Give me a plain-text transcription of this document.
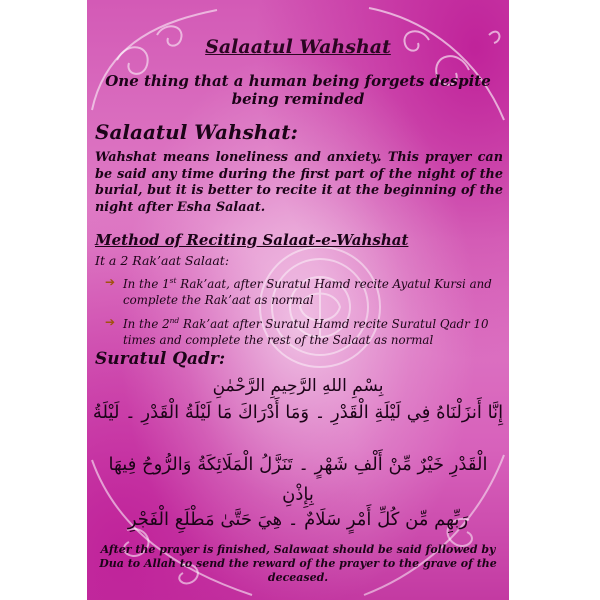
Salaatul Wahshat
One thing that a human being forgets despite being reminded
Salaatul Wahshat:
Wahshat means loneliness and anxiety. This prayer can be said any time during the first part of the night of the burial, but it is better to recite it at the beginning of the night after Esha Salaat.
Method of Reciting Salaat-e-Wahshat
It a 2 Rak’aat Salaat:
➔ In the 1st Rak’aat, after Suratul Hamd recite Ayatul Kursi and complete the Rak’aat as normal
➔ In the 2nd Rak’aat after Suratul Hamd recite Suratul Qadr 10 times and complete the rest of the Salaat as normal
Suratul Qadr:
بِسْمِ اللهِ الرَّحِيمِ الرَّحْمٰنِ
إِنَّا أَنزَلْنَاهُ فِي لَيْلَةِ الْقَدْرِ ۔ وَمَا أَدْرَاكَ مَا لَيْلَةُ الْقَدْرِ ۔ لَيْلَةُ
الْقَدْرِ خَيْرٌ مِّنْ أَلْفِ شَهْرٍ ۔ تَنَزَّلُ الْمَلَائِكَةُ وَالرُّوحُ فِيهَا بِإِذْنِ
رَبِّهِم مِّن كُلِّ أَمْرٍ سَلَامٌ ۔ هِيَ حَتَّىٰ مَطْلَعِ الْفَجْرِ
After the prayer is finished, Salawaat should be said followed by Dua to Allah to send the reward of the prayer to the grave of the deceased.
